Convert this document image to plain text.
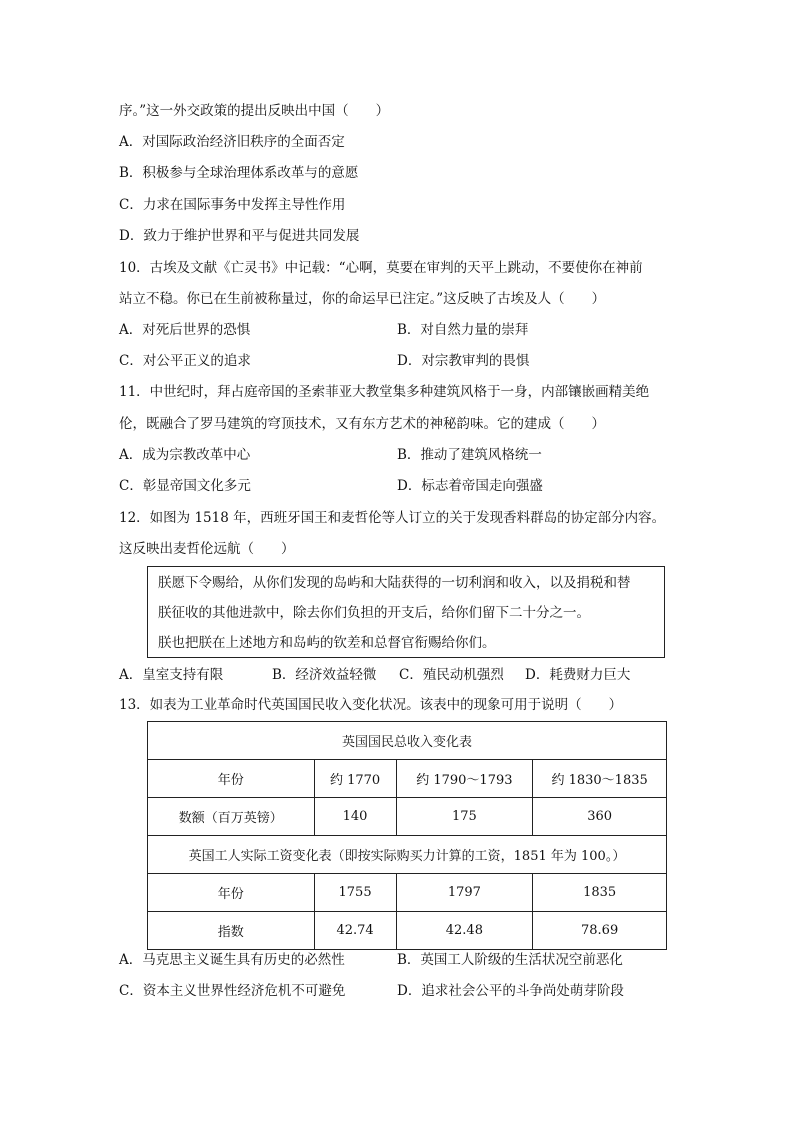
序。”这一外交政策的提出反映出中国（　　）
A．对国际政治经济旧秩序的全面否定
B．积极参与全球治理体系改革与的意愿
C．力求在国际事务中发挥主导性作用
D．致力于维护世界和平与促进共同发展
10．古埃及文献《亡灵书》中记载：“心啊，莫要在审判的天平上跳动，不要使你在神前
站立不稳。你已在生前被称量过，你的命运早已注定。”这反映了古埃及人（　　）
A．对死后世界的恐惧	B．对自然力量的崇拜
C．对公平正义的追求	D．对宗教审判的畏惧
11．中世纪时，拜占庭帝国的圣索菲亚大教堂集多种建筑风格于一身，内部镶嵌画精美绝
伦，既融合了罗马建筑的穹顶技术，又有东方艺术的神秘韵味。它的建成（　　）
A．成为宗教改革中心	B．推动了建筑风格统一
C．彰显帝国文化多元	D．标志着帝国走向强盛
12．如图为 1518 年，西班牙国王和麦哲伦等人订立的关于发现香料群岛的协定部分内容。
这反映出麦哲伦远航（　　）
朕愿下令赐给，从你们发现的岛屿和大陆获得的一切利润和收入，以及捐税和替
朕征收的其他进款中，除去你们负担的开支后，给你们留下二十分之一。
朕也把朕在上述地方和岛屿的钦差和总督官衔赐给你们。
A．皇室支持有限	B．经济效益轻微 C．殖民动机强烈 D．耗费财力巨大
13．如表为工业革命时代英国国民收入变化状况。该表中的现象可用于说明（　　）
英国国民总收入变化表			
年份	约 1770	约 1790～1793	约 1830～1835
数额（百万英镑）	140	175	360
英国工人实际工资变化表（即按实际购买力计算的工资，1851 年为 100。）			
年份	1755	1797	1835
指数	42.74	42.48	78.69
A．马克思主义诞生具有历史的必然性	B．英国工人阶级的生活状况空前恶化
C．资本主义世界性经济危机不可避免	D．追求社会公平的斗争尚处萌芽阶段
